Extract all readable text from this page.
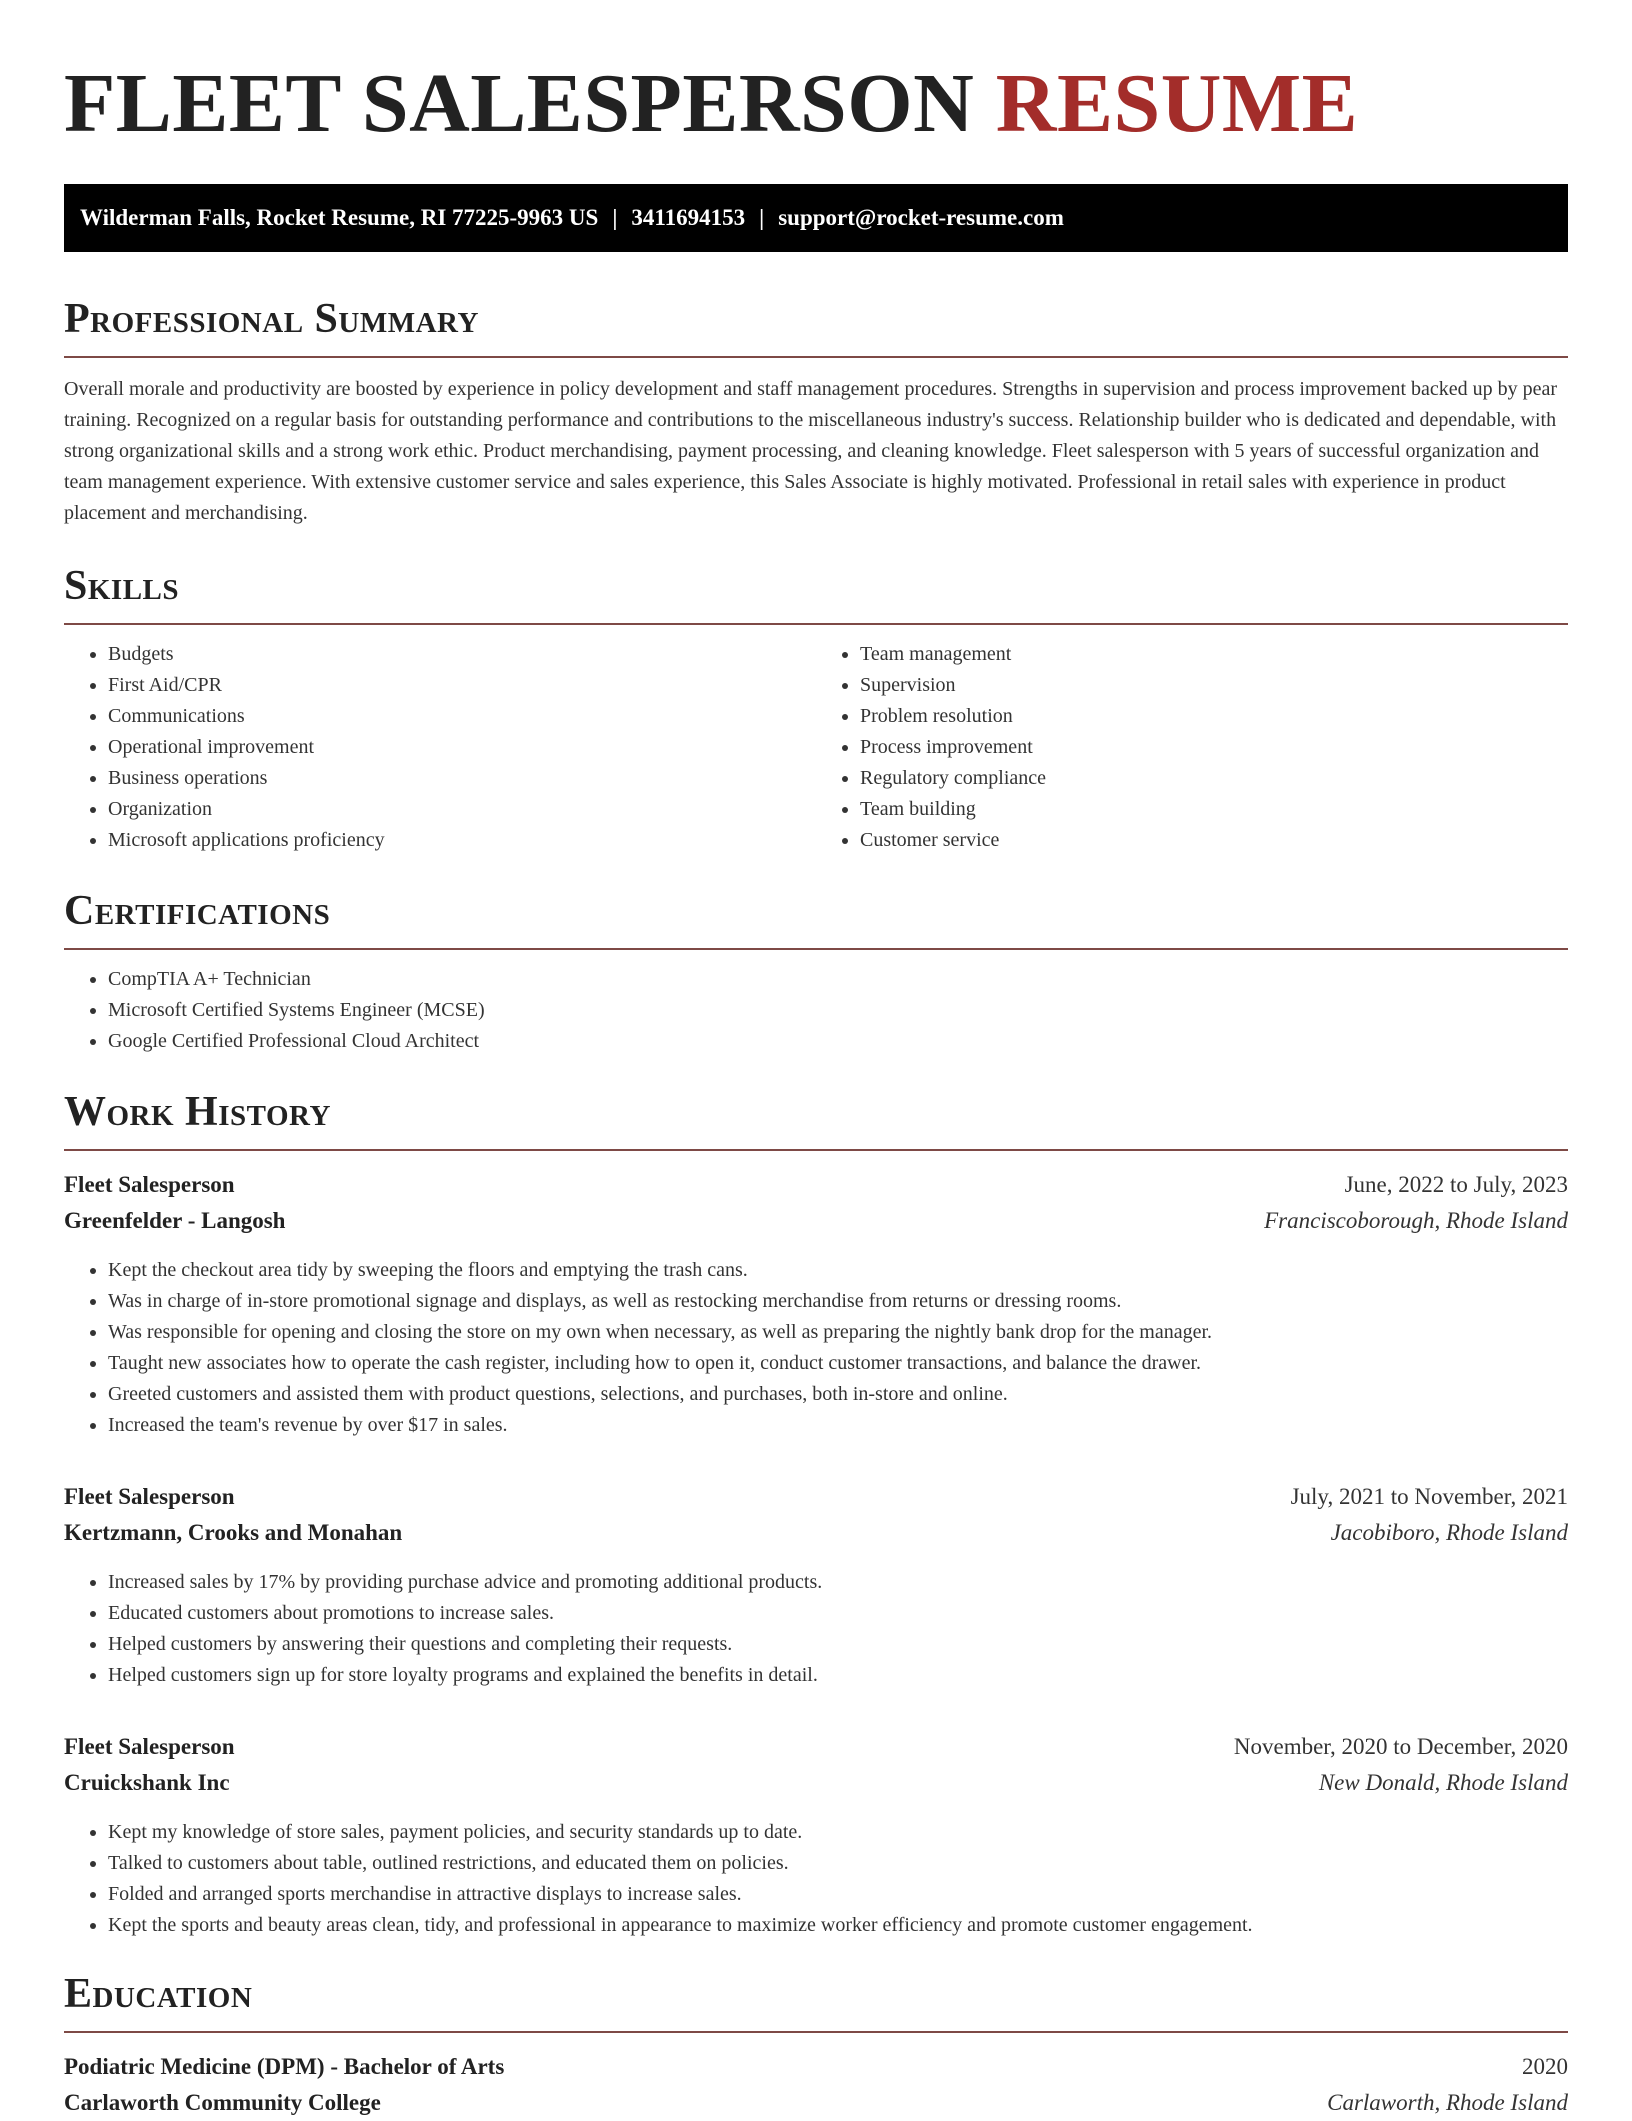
FLEET SALESPERSON RESUME
Wilderman Falls, Rocket Resume, RI 77225-9963 US | 3411694153 | support@rocket-resume.com
Professional Summary

Overall morale and productivity are boosted by experience in policy development and staff management procedures. Strengths in supervision and process improvement backed up by pear training. Recognized on a regular basis for outstanding performance and contributions to the miscellaneous industry's success. Relationship builder who is dedicated and dependable, with strong organizational skills and a strong work ethic. Product merchandising, payment processing, and cleaning knowledge. Fleet salesperson with 5 years of successful organization and team management experience. With extensive customer service and sales experience, this Sales Associate is highly motivated. Professional in retail sales with experience in product placement and merchandising.

Skills
• Budgets
• First Aid/CPR
• Communications
• Operational improvement
• Business operations
• Organization
• Microsoft applications proficiency
• Team management
• Supervision
• Problem resolution
• Process improvement
• Regulatory compliance
• Team building
• Customer service
Certifications
• CompTIA A+ Technician
• Microsoft Certified Systems Engineer (MCSE)
• Google Certified Professional Cloud Architect
Work History
Fleet Salesperson	June, 2022 to July, 2023
Greenfelder - Langosh	Franciscoborough, Rhode Island
• Kept the checkout area tidy by sweeping the floors and emptying the trash cans.
• Was in charge of in-store promotional signage and displays, as well as restocking merchandise from returns or dressing rooms.
• Was responsible for opening and closing the store on my own when necessary, as well as preparing the nightly bank drop for the manager.
• Taught new associates how to operate the cash register, including how to open it, conduct customer transactions, and balance the drawer.
• Greeted customers and assisted them with product questions, selections, and purchases, both in-store and online.
• Increased the team's revenue by over $17 in sales.
Fleet Salesperson	July, 2021 to November, 2021
Kertzmann, Crooks and Monahan	Jacobiboro, Rhode Island
• Increased sales by 17% by providing purchase advice and promoting additional products.
• Educated customers about promotions to increase sales.
• Helped customers by answering their questions and completing their requests.
• Helped customers sign up for store loyalty programs and explained the benefits in detail.
Fleet Salesperson	November, 2020 to December, 2020
Cruickshank Inc	New Donald, Rhode Island
• Kept my knowledge of store sales, payment policies, and security standards up to date.
• Talked to customers about table, outlined restrictions, and educated them on policies.
• Folded and arranged sports merchandise in attractive displays to increase sales.
• Kept the sports and beauty areas clean, tidy, and professional in appearance to maximize worker efficiency and promote customer engagement.
Education
Podiatric Medicine (DPM) - Bachelor of Arts	2020
Carlaworth Community College	Carlaworth, Rhode Island
